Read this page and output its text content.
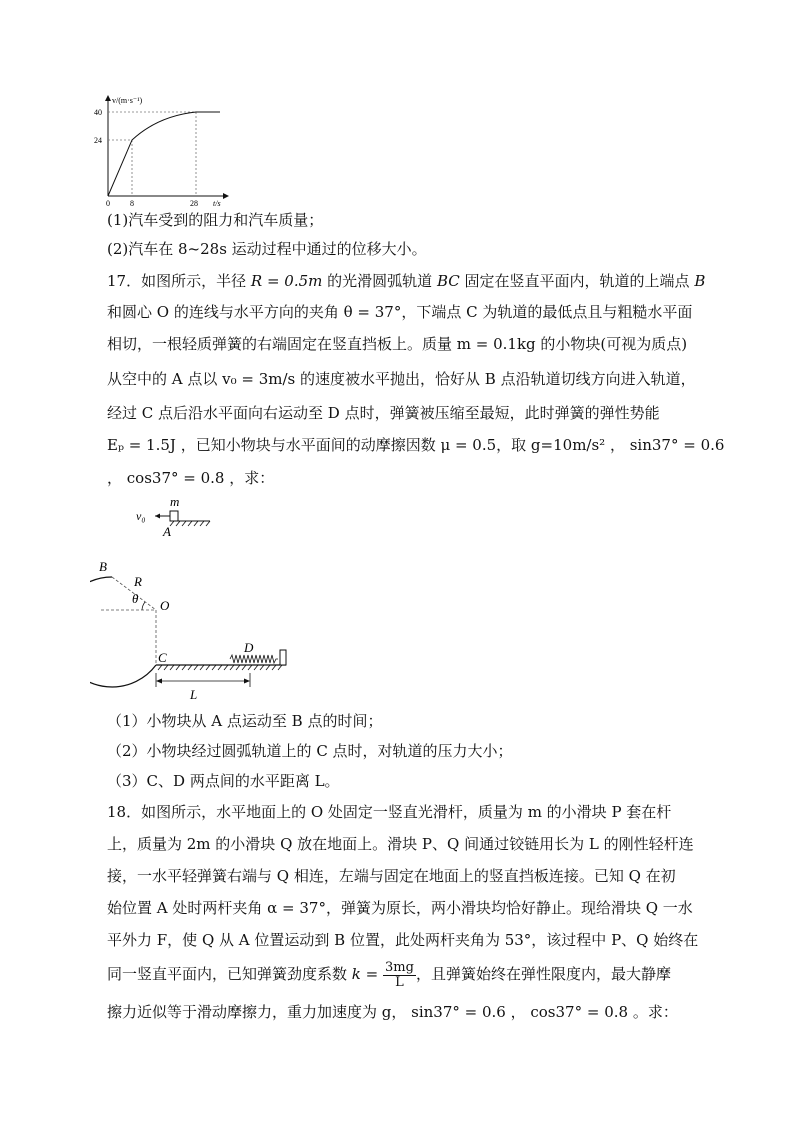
v/(m·s⁻¹)
40
24
0	8	28 t/s
(1)汽车受到的阻力和汽车质量；
(2)汽车在 8~28s 运动过程中通过的位移大小。
17．如图所示，半径 R = 0.5m 的光滑圆弧轨道 BC 固定在竖直平面内，轨道的上端点 B
和圆心 O 的连线与水平方向的夹角 θ = 37°，下端点 C 为轨道的最低点且与粗糙水平面
相切，一根轻质弹簧的右端固定在竖直挡板上。质量 m = 0.1kg 的小物块(可视为质点)
从空中的 A 点以 v₀ = 3m/s 的速度被水平抛出，恰好从 B 点沿轨道切线方向进入轨道，
经过 C 点后沿水平面向右运动至 D 点时，弹簧被压缩至最短，此时弹簧的弹性势能
Eₚ = 1.5J ，已知小物块与水平面间的动摩擦因数 μ = 0.5，取 g=10m/s² ， sin37° = 0.6
， cos37° = 0.8 ，求：
v₀
m
A
B
R
θ O
C
D
L
（1）小物块从 A 点运动至 B 点的时间；
（2）小物块经过圆弧轨道上的 C 点时，对轨道的压力大小；
（3）C、D 两点间的水平距离 L。
18．如图所示，水平地面上的 O 处固定一竖直光滑杆，质量为 m 的小滑块 P 套在杆
上，质量为 2m 的小滑块 Q 放在地面上。滑块 P、Q 间通过铰链用长为 L 的刚性轻杆连
接，一水平轻弹簧右端与 Q 相连，左端与固定在地面上的竖直挡板连接。已知 Q 在初
始位置 A 处时两杆夹角 α = 37°，弹簧为原长，两小滑块均恰好静止。现给滑块 Q 一水
平外力 F，使 Q 从 A 位置运动到 B 位置，此处两杆夹角为 53°，该过程中 P、Q 始终在
同一竖直平面内，已知弹簧劲度系数 $k = \frac{3mg}{L}$ ，且弹簧始终在弹性限度内，最大静摩
擦力近似等于滑动摩擦力，重力加速度为 g， sin37° = 0.6 ， cos37° = 0.8 。求：
